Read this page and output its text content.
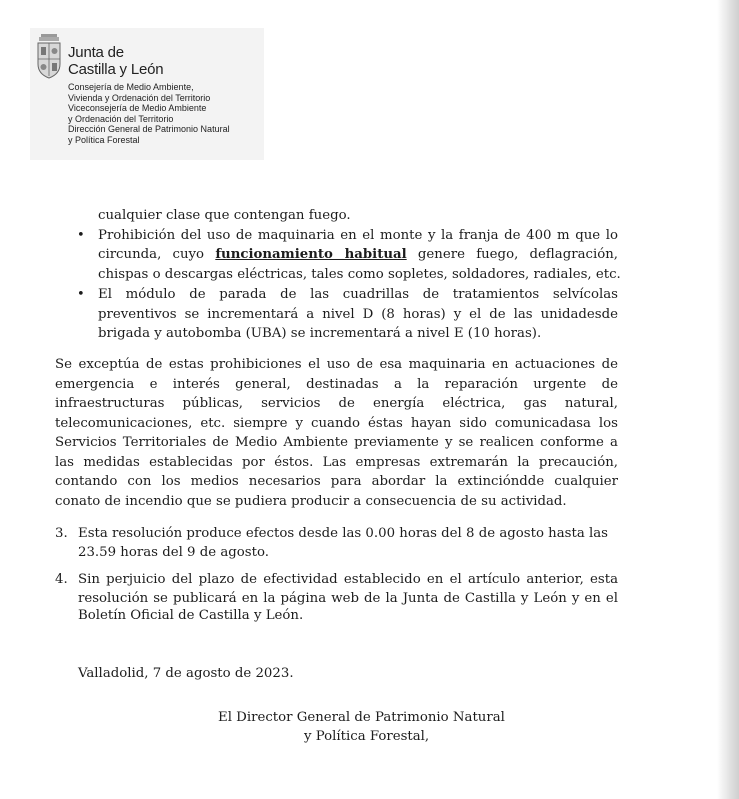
Junta de
Castilla y León
Consejería de Medio Ambiente,
Vivienda y Ordenación del Territorio
Viceconsejería de Medio Ambiente
y Ordenación del Territorio
Dirección General de Patrimonio Natural
y Política Forestal
cualquier clase que contengan fuego.
• Prohibición del uso de maquinaria en el monte y la franja de 400 m que lo
circunda, cuyo funcionamiento habitual genere fuego, deflagración,
chispas o descargas eléctricas, tales como sopletes, soldadores, radiales, etc.
• El módulo de parada de las cuadrillas de tratamientos selvícolas
preventivos se incrementará a nivel D (8 horas) y el de las unidadesde
brigada y autobomba (UBA) se incrementará a nivel E (10 horas).
Se exceptúa de estas prohibiciones el uso de esa maquinaria en actuaciones de
emergencia e interés general, destinadas a la reparación urgente de
infraestructuras públicas, servicios de energía eléctrica, gas natural,
telecomunicaciones, etc. siempre y cuando éstas hayan sido comunicadasa los
Servicios Territoriales de Medio Ambiente previamente y se realicen conforme a
las medidas establecidas por éstos. Las empresas extremarán la precaución,
contando con los medios necesarios para abordar la extincióndde cualquier
conato de incendio que se pudiera producir a consecuencia de su actividad.
3. Esta resolución produce efectos desde las 0.00 horas del 8 de agosto hasta las
23.59 horas del 9 de agosto.
4. Sin perjuicio del plazo de efectividad establecido en el artículo anterior, esta
resolución se publicará en la página web de la Junta de Castilla y León y en el
Boletín Oficial de Castilla y León.
Valladolid, 7 de agosto de 2023.
El Director General de Patrimonio Natural
y Política Forestal,
